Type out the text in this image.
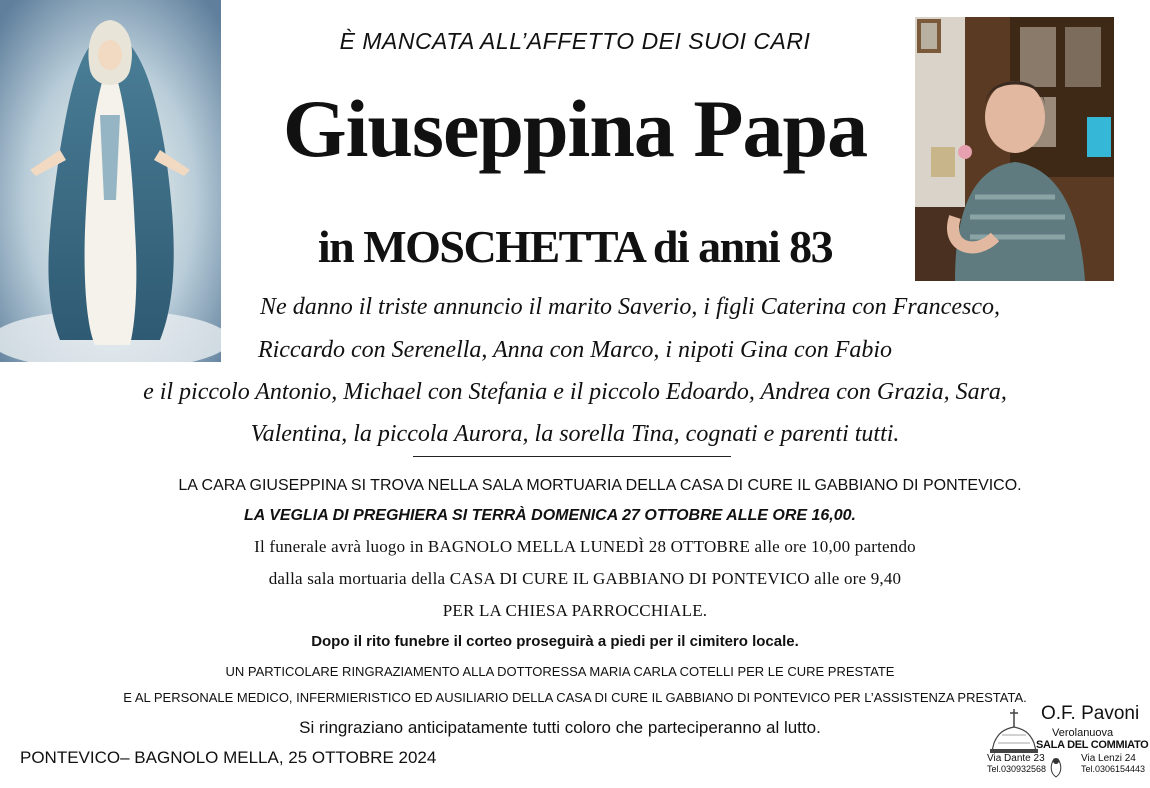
È MANCATA ALL’AFFETTO DEI SUOI CARI
Giuseppina Papa
in MOSCHETTA di anni 83
Ne danno il triste annuncio il marito Saverio, i figli Caterina con Francesco,
Riccardo con Serenella, Anna con Marco, i nipoti Gina con Fabio
e il piccolo Antonio, Michael con Stefania e il piccolo Edoardo, Andrea con Grazia, Sara,
Valentina, la piccola Aurora, la sorella Tina, cognati e parenti tutti.
LA CARA GIUSEPPINA SI TROVA NELLA SALA MORTUARIA DELLA CASA DI CURE IL GABBIANO DI PONTEVICO.
LA VEGLIA DI PREGHIERA SI TERRÀ DOMENICA 27 OTTOBRE ALLE ORE 16,00.
Il funerale avrà luogo in BAGNOLO MELLA LUNEDÌ 28 OTTOBRE alle ore 10,00 partendo
dalla sala mortuaria della CASA DI CURE IL GABBIANO DI PONTEVICO alle ore 9,40
PER LA CHIESA PARROCCHIALE.
Dopo il rito funebre il corteo proseguirà a piedi per il cimitero locale.
UN PARTICOLARE RINGRAZIAMENTO ALLA DOTTORESSA MARIA CARLA COTELLI PER LE CURE PRESTATE
E AL PERSONALE MEDICO, INFERMIERISTICO ED AUSILIARIO DELLA CASA DI CURE IL GABBIANO DI PONTEVICO PER L’ASSISTENZA PRESTATA.
Si ringraziano anticipatamente tutti coloro che parteciperanno al lutto.
PONTEVICO– BAGNOLO MELLA, 25 OTTOBRE 2024
O.F. Pavoni
Verolanuova
SALA DEL COMMIATO
Via Dante 23
Tel.030932568
Via Lenzi 24
Tel.0306154443
